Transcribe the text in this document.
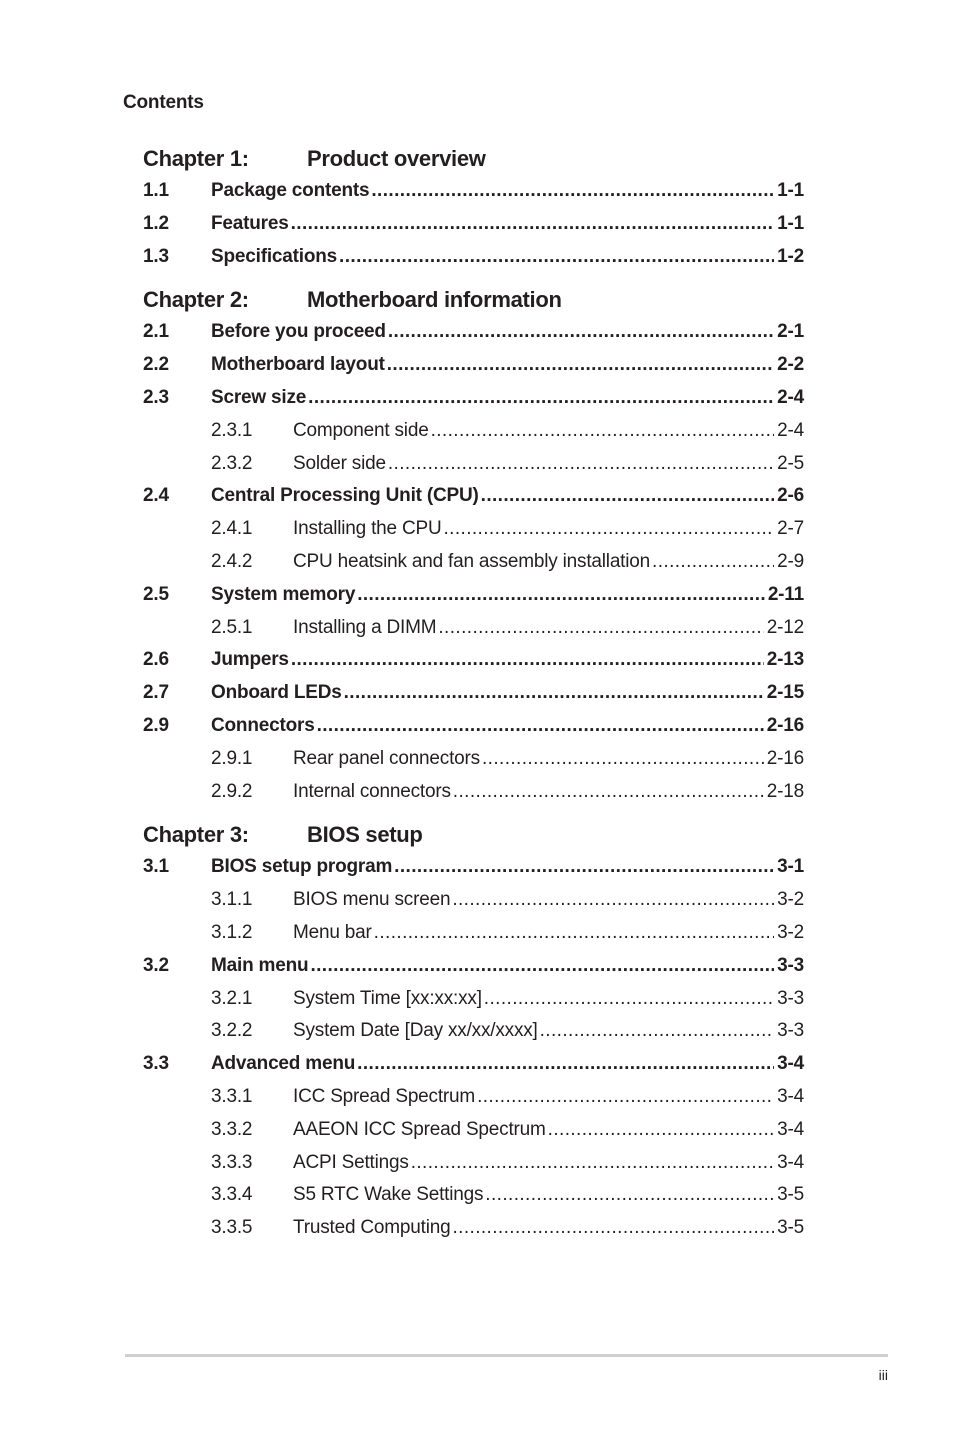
Contents
Chapter 1:	Product overview
1.1	Package contents .....	1-1
1.2	Features .....	1-1
1.3	Specifications .....	1-2
Chapter 2:	Motherboard information
2.1	Before you proceed .....	2-1
2.2	Motherboard layout .....	2-2
2.3	Screw size .....	2-4
2.3.1	Component side .....	2-4
2.3.2	Solder side .....	2-5
2.4	Central Processing Unit (CPU) .....	2-6
2.4.1	Installing the CPU .....	2-7
2.4.2	CPU heatsink and fan assembly installation .....	2-9
2.5	System memory .....	2-11
2.5.1	Installing a DIMM .....	2-12
2.6	Jumpers .....	2-13
2.7	Onboard LEDs .....	2-15
2.9	Connectors .....	2-16
2.9.1	Rear panel connectors .....	2-16
2.9.2	Internal connectors .....	2-18
Chapter 3:	BIOS setup
3.1	BIOS setup program .....	3-1
3.1.1	BIOS menu screen .....	3-2
3.1.2	Menu bar .....	3-2
3.2	Main menu .....	3-3
3.2.1	System Time [xx:xx:xx] .....	3-3
3.2.2	System Date [Day xx/xx/xxxx] .....	3-3
3.3	Advanced menu .....	3-4
3.3.1	ICC Spread Spectrum .....	3-4
3.3.2	AAEON ICC Spread Spectrum .....	3-4
3.3.3	ACPI Settings .....	3-4
3.3.4	S5 RTC Wake Settings .....	3-5
3.3.5	Trusted Computing .....	3-5
iii
